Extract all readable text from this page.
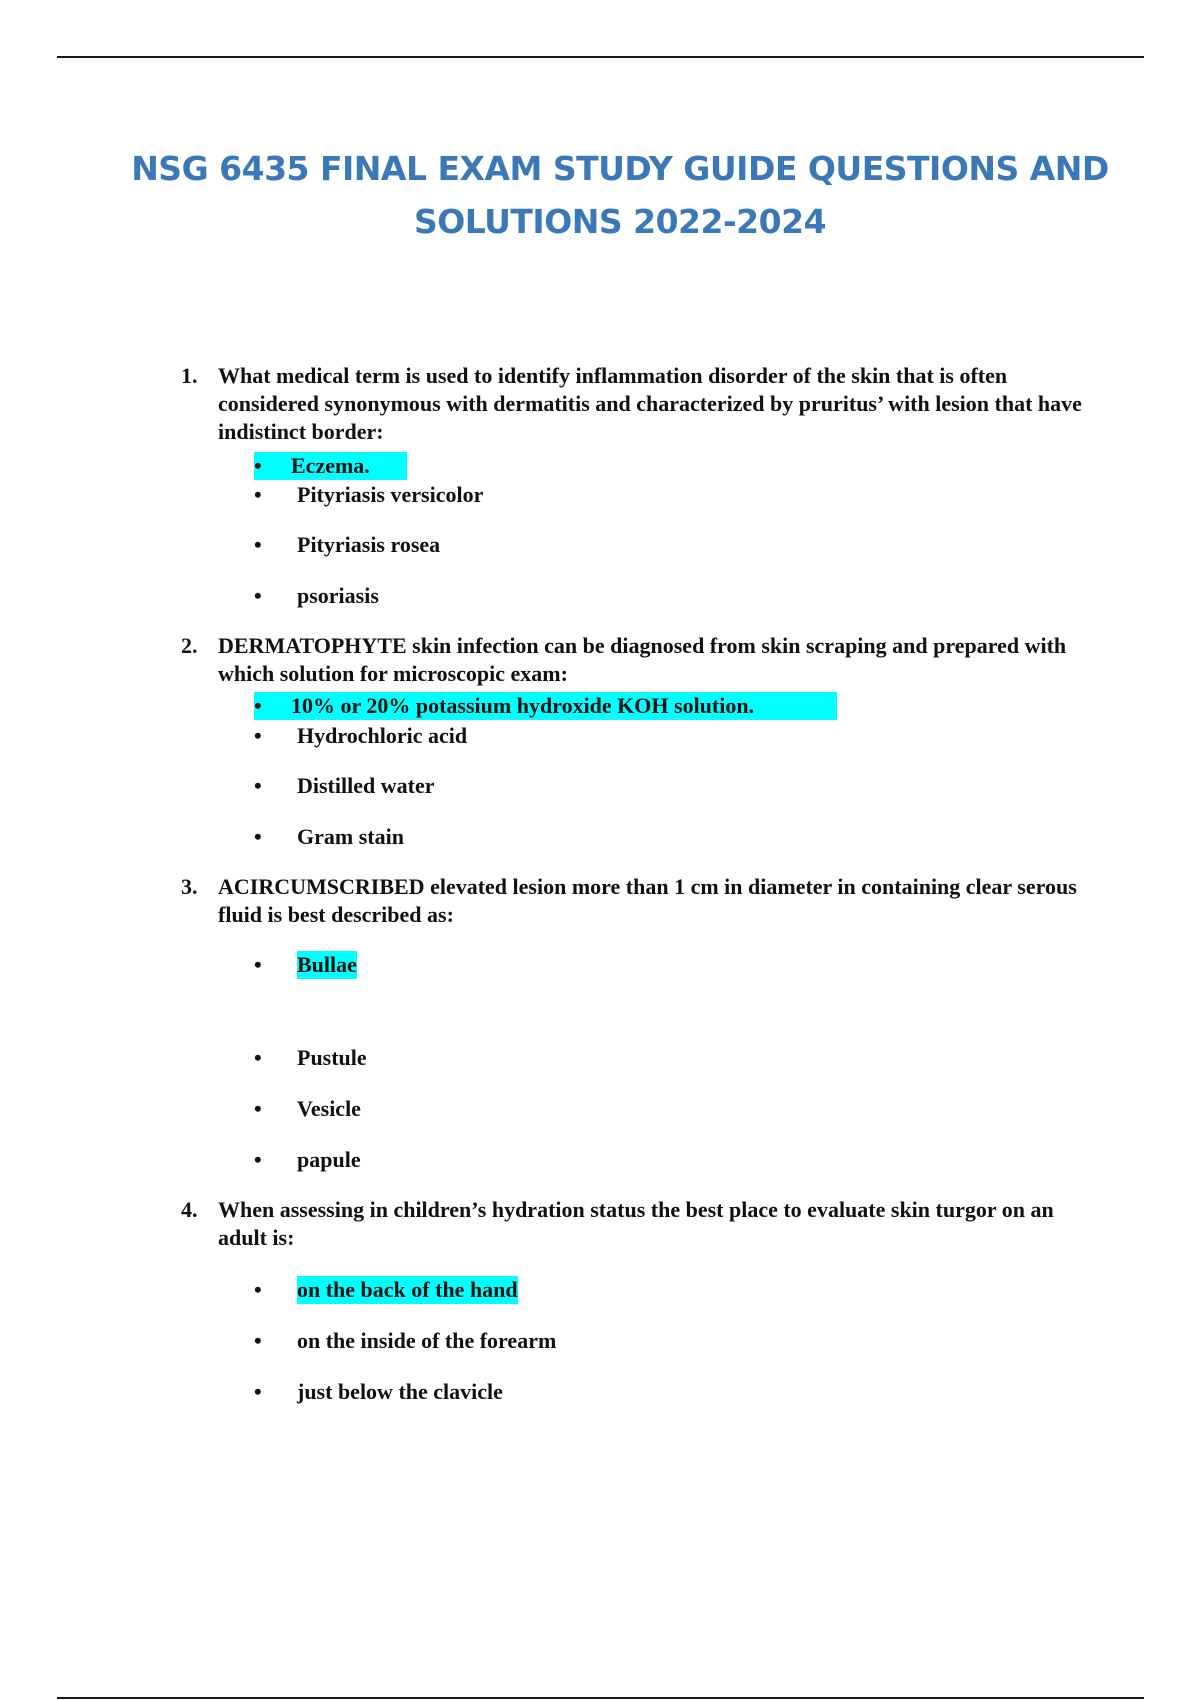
NSG 6435 FINAL EXAM STUDY GUIDE QUESTIONS AND
SOLUTIONS 2022-2024
1. What medical term is used to identify inflammation disorder of the skin that is often considered synonymous with dermatitis and characterized by pruritus’ with lesion that have indistinct border:
• Eczema.
• Pityriasis versicolor
• Pityriasis rosea
• psoriasis
2. DERMATOPHYTE skin infection can be diagnosed from skin scraping and prepared with which solution for microscopic exam:
• 10% or 20% potassium hydroxide KOH solution.
• Hydrochloric acid
• Distilled water
• Gram stain
3. ACIRCUMSCRIBED elevated lesion more than 1 cm in diameter in containing clear serous fluid is best described as:
• Bullae
• Pustule
• Vesicle
• papule
4. When assessing in children’s hydration status the best place to evaluate skin turgor on an adult is:
• on the back of the hand
• on the inside of the forearm
• just below the clavicle
